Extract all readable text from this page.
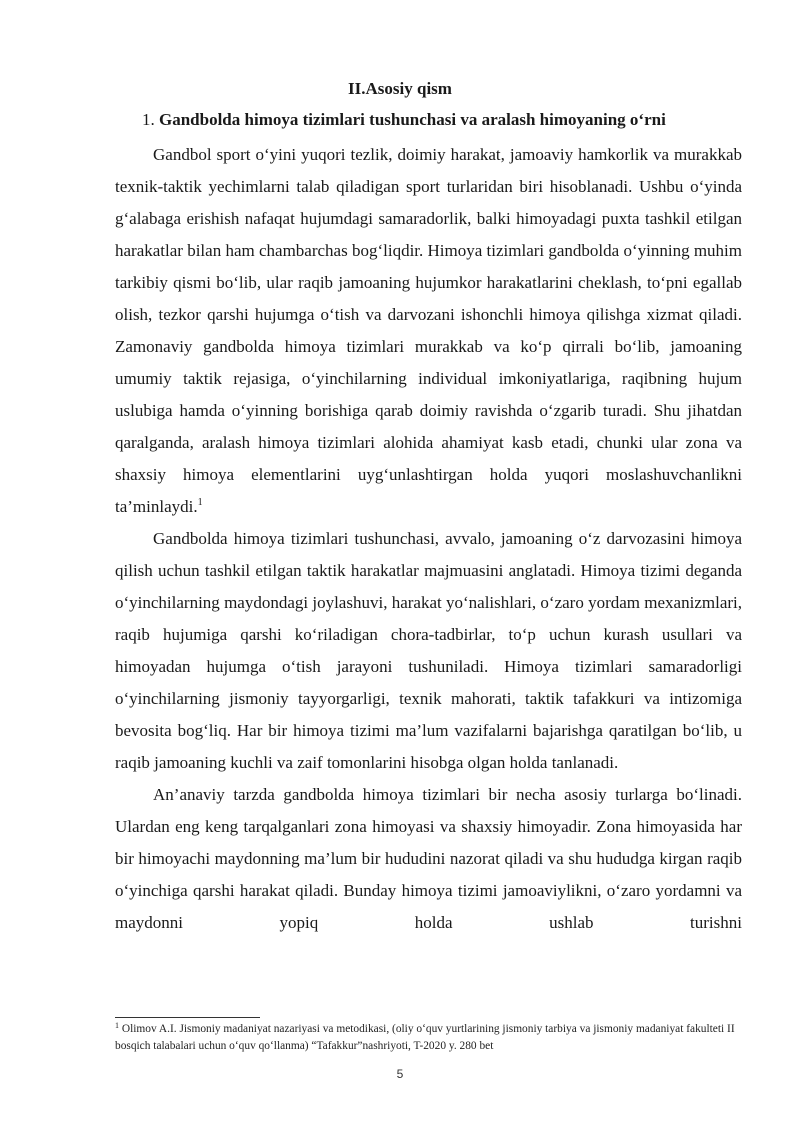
II.Asosiy qism
1. Gandbolda himoya tizimlari tushunchasi va aralash himoyaning o‘rni

Gandbol sport o‘yini yuqori tezlik, doimiy harakat, jamoaviy hamkorlik va murakkab texnik-taktik yechimlarni talab qiladigan sport turlaridan biri hisoblanadi. Ushbu o‘yinda g‘alabaga erishish nafaqat hujumdagi samaradorlik, balki himoyadagi puxta tashkil etilgan harakatlar bilan ham chambarchas bog‘liqdir. Himoya tizimlari gandbolda o‘yinning muhim tarkibiy qismi bo‘lib, ular raqib jamoaning hujumkor harakatlarini cheklash, to‘pni egallab olish, tezkor qarshi hujumga o‘tish va darvozani ishonchli himoya qilishga xizmat qiladi. Zamonaviy gandbolda himoya tizimlari murakkab va ko‘p qirrali bo‘lib, jamoaning umumiy taktik rejasiga, o‘yinchilarning individual imkoniyatlariga, raqibning hujum uslubiga hamda o‘yinning borishiga qarab doimiy ravishda o‘zgarib turadi. Shu jihatdan qaralganda, aralash himoya tizimlari alohida ahamiyat kasb etadi, chunki ular zona va shaxsiy himoya elementlarini uyg‘unlashtirgan holda yuqori moslashuvchanlikni ta’minlaydi.$^1$

Gandbolda himoya tizimlari tushunchasi, avvalo, jamoaning o‘z darvozasini himoya qilish uchun tashkil etilgan taktik harakatlar majmuasini anglatadi. Himoya tizimi deganda o‘yinchilarning maydondagi joylashuvi, harakat yo‘nalishlari, o‘zaro yordam mexanizmlari, raqib hujumiga qarshi ko‘riladigan chora-tadbirlar, to‘p uchun kurash usullari va himoyadan hujumga o‘tish jarayoni tushuniladi. Himoya tizimlari samaradorligi o‘yinchilarning jismoniy tayyorgarligi, texnik mahorati, taktik tafakkuri va intizomiga bevosita bog‘liq. Har bir himoya tizimi ma’lum vazifalarni bajarishga qaratilgan bo‘lib, u raqib jamoaning kuchli va zaif tomonlarini hisobga olgan holda tanlanadi.

An’anaviy tarzda gandbolda himoya tizimlari bir necha asosiy turlarga bo‘linadi. Ulardan eng keng tarqalganlari zona himoyasi va shaxsiy himoyadir. Zona himoyasida har bir himoyachi maydonning ma’lum bir hududini nazorat qiladi va shu hududga kirgan raqib o‘yinchiga qarshi harakat qiladi. Bunday himoya tizimi jamoaviylikni, o‘zaro yordamni va maydonni yopiq holda ushlab turishni

$^1$ Olimov A.I. Jismoniy madaniyat nazariyasi va metodikasi, (oliy o‘quv yurtlarining jismoniy tarbiya va jismoniy madaniyat fakulteti II bosqich talabalari uchun o‘quv qo‘llanma) “Tafakkur”nashriyoti, T-2020 y. 280 bet
5
